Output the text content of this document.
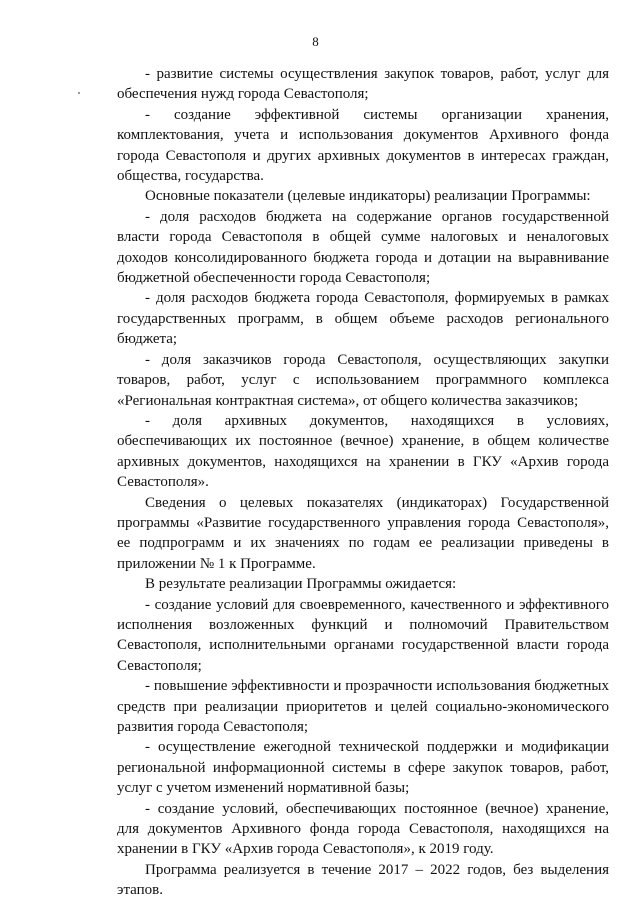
8

- развитие системы осуществления закупок товаров, работ, услуг для обеспечения нужд города Севастополя;

- создание эффективной системы организации хранения, комплектования, учета и использования документов Архивного фонда города Севастополя и других архивных документов в интересах граждан, общества, государства.

Основные показатели (целевые индикаторы) реализации Программы:

- доля расходов бюджета на содержание органов государственной власти города Севастополя в общей сумме налоговых и неналоговых доходов консолидированного бюджета города и дотации на выравнивание бюджетной обеспеченности города Севастополя;

- доля расходов бюджета города Севастополя, формируемых в рамках государственных программ, в общем объеме расходов регионального бюджета;

- доля заказчиков города Севастополя, осуществляющих закупки товаров, работ, услуг с использованием программного комплекса «Региональная контрактная система», от общего количества заказчиков;

- доля архивных документов, находящихся в условиях, обеспечивающих их постоянное (вечное) хранение, в общем количестве архивных документов, находящихся на хранении в ГКУ «Архив города Севастополя».

Сведения о целевых показателях (индикаторах) Государственной программы «Развитие государственного управления города Севастополя», ее подпрограмм и их значениях по годам ее реализации приведены в приложении № 1 к Программе.

В результате реализации Программы ожидается:

- создание условий для своевременного, качественного и эффективного исполнения возложенных функций и полномочий Правительством Севастополя, исполнительными органами государственной власти города Севастополя;

- повышение эффективности и прозрачности использования бюджетных средств при реализации приоритетов и целей социально-экономического развития города Севастополя;

- осуществление ежегодной технической поддержки и модификации региональной информационной системы в сфере закупок товаров, работ, услуг с учетом изменений нормативной базы;

- создание условий, обеспечивающих постоянное (вечное) хранение, для документов Архивного фонда города Севастополя, находящихся на хранении в ГКУ «Архив города Севастополя», к 2019 году.

Программа реализуется в течение 2017 – 2022 годов, без выделения этапов.
